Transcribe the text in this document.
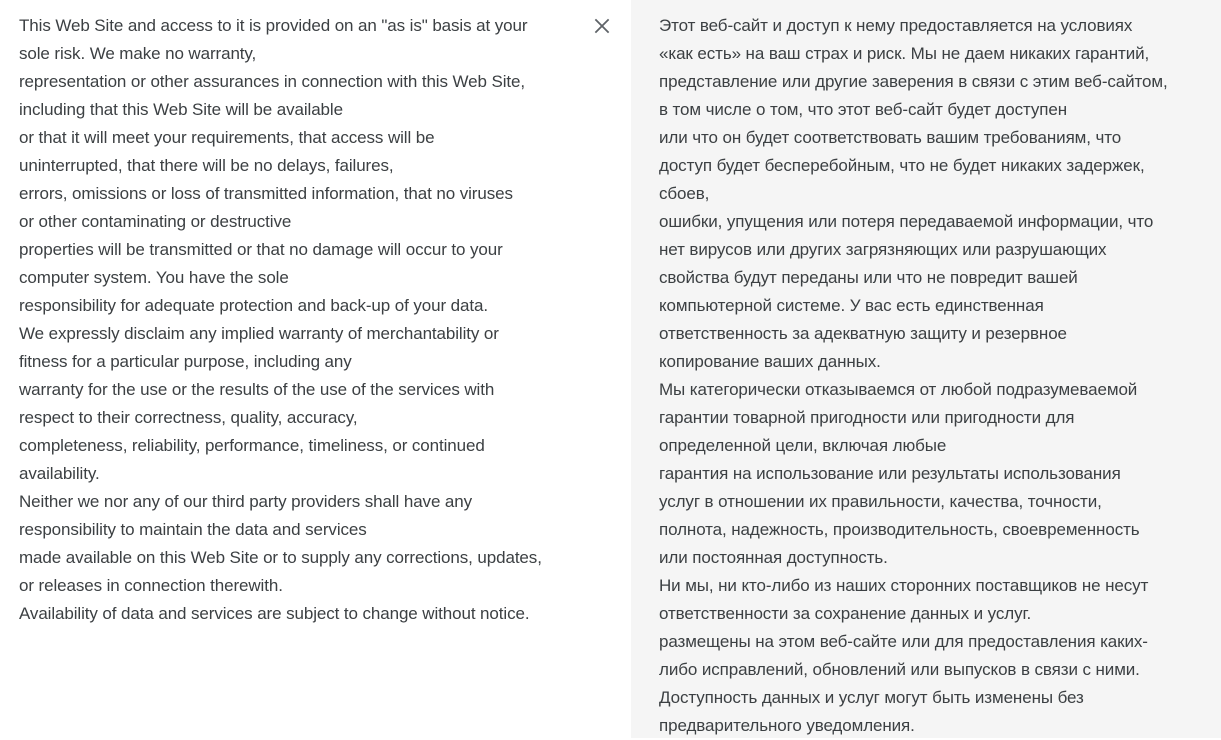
This Web Site and access to it is provided on an "as is" basis at your
sole risk. We make no warranty,
representation or other assurances in connection with this Web Site,
including that this Web Site will be available
or that it will meet your requirements, that access will be
uninterrupted, that there will be no delays, failures,
errors, omissions or loss of transmitted information, that no viruses
or other contaminating or destructive
properties will be transmitted or that no damage will occur to your
computer system. You have the sole
responsibility for adequate protection and back-up of your data.
We expressly disclaim any implied warranty of merchantability or
fitness for a particular purpose, including any
warranty for the use or the results of the use of the services with
respect to their correctness, quality, accuracy,
completeness, reliability, performance, timeliness, or continued
availability.
Neither we nor any of our third party providers shall have any
responsibility to maintain the data and services
made available on this Web Site or to supply any corrections, updates,
or releases in connection therewith.
Availability of data and services are subject to change without notice.

Этот веб-сайт и доступ к нему предоставляется на условиях
«как есть» на ваш страх и риск. Мы не даем никаких гарантий,
представление или другие заверения в связи с этим веб-сайтом,
в том числе о том, что этот веб-сайт будет доступен
или что он будет соответствовать вашим требованиям, что
доступ будет бесперебойным, что не будет никаких задержек,
сбоев,
ошибки, упущения или потеря передаваемой информации, что
нет вирусов или других загрязняющих или разрушающих
свойства будут переданы или что не повредит вашей
компьютерной системе. У вас есть единственная
ответственность за адекватную защиту и резервное
копирование ваших данных.
Мы категорически отказываемся от любой подразумеваемой
гарантии товарной пригодности или пригодности для
определенной цели, включая любые
гарантия на использование или результаты использования
услуг в отношении их правильности, качества, точности,
полнота, надежность, производительность, своевременность
или постоянная доступность.
Ни мы, ни кто-либо из наших сторонних поставщиков не несут
ответственности за сохранение данных и услуг.
размещены на этом веб-сайте или для предоставления каких-
либо исправлений, обновлений или выпусков в связи с ними.
Доступность данных и услуг могут быть изменены без
предварительного уведомления.
